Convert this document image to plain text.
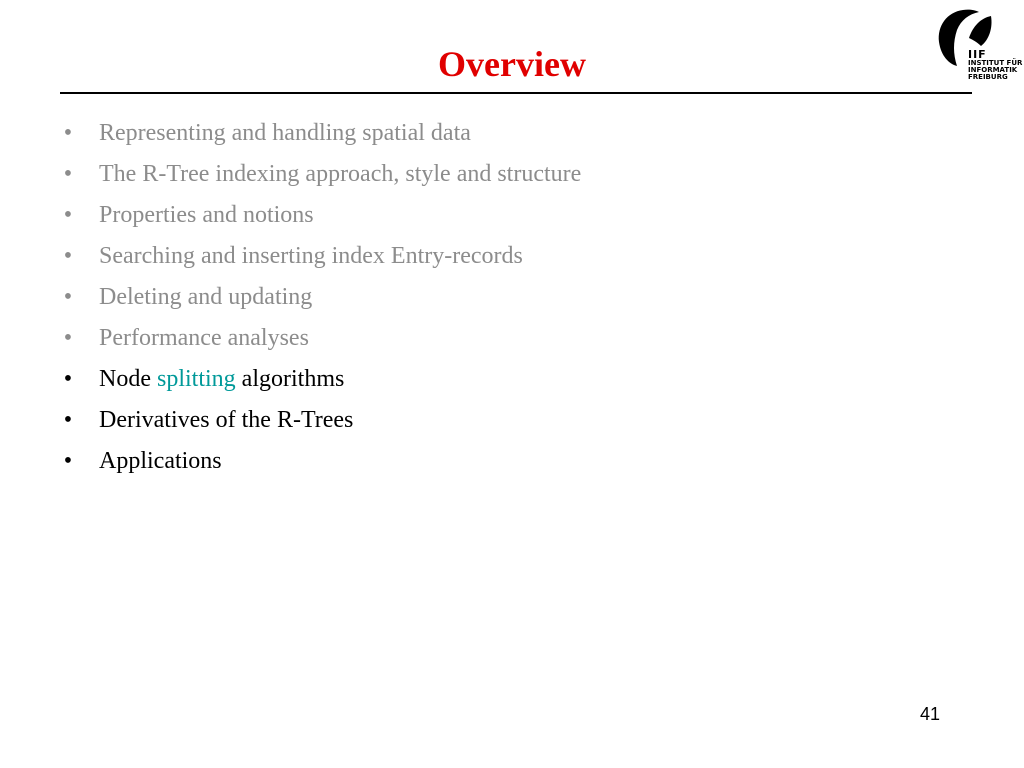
Overview	IIF
INSTITUT FÜR
INFORMATIK
FREIBURG
• Representing and handling spatial data
• The R-Tree indexing approach, style and structure
• Properties and notions
• Searching and inserting index Entry-records
• Deleting and updating
• Performance analyses
• Node splitting algorithms
• Derivatives of the R-Trees
• Applications
41
